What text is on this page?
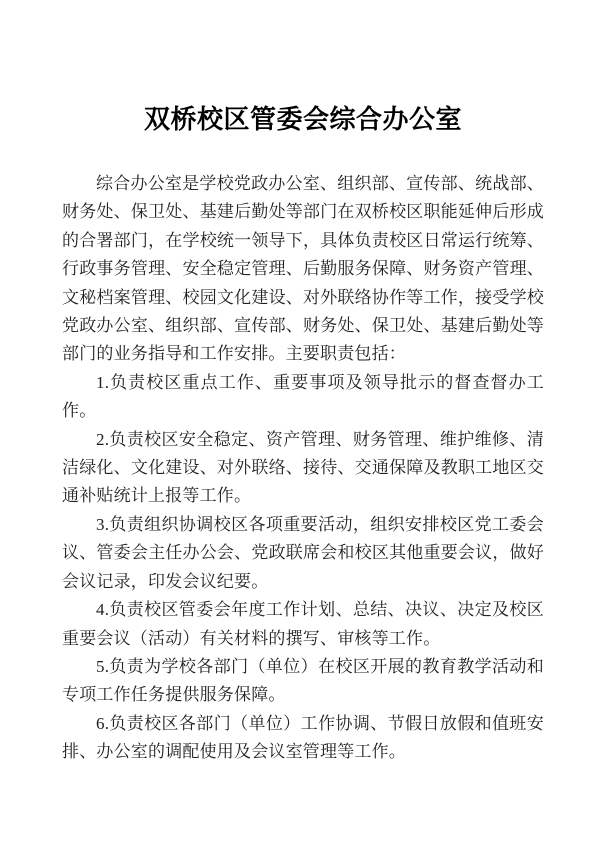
双桥校区管委会综合办公室

综合办公室是学校党政办公室、组织部、宣传部、统战部、财务处、保卫处、基建后勤处等部门在双桥校区职能延伸后形成的合署部门，在学校统一领导下，具体负责校区日常运行统筹、行政事务管理、安全稳定管理、后勤服务保障、财务资产管理、文秘档案管理、校园文化建设、对外联络协作等工作，接受学校党政办公室、组织部、宣传部、财务处、保卫处、基建后勤处等部门的业务指导和工作安排。主要职责包括：

1.负责校区重点工作、重要事项及领导批示的督查督办工作。

2.负责校区安全稳定、资产管理、财务管理、维护维修、清洁绿化、文化建设、对外联络、接待、交通保障及教职工地区交通补贴统计上报等工作。

3.负责组织协调校区各项重要活动，组织安排校区党工委会议、管委会主任办公会、党政联席会和校区其他重要会议，做好会议记录，印发会议纪要。

4.负责校区管委会年度工作计划、总结、决议、决定及校区重要会议（活动）有关材料的撰写、审核等工作。

5.负责为学校各部门（单位）在校区开展的教育教学活动和专项工作任务提供服务保障。

6.负责校区各部门（单位）工作协调、节假日放假和值班安排、办公室的调配使用及会议室管理等工作。
